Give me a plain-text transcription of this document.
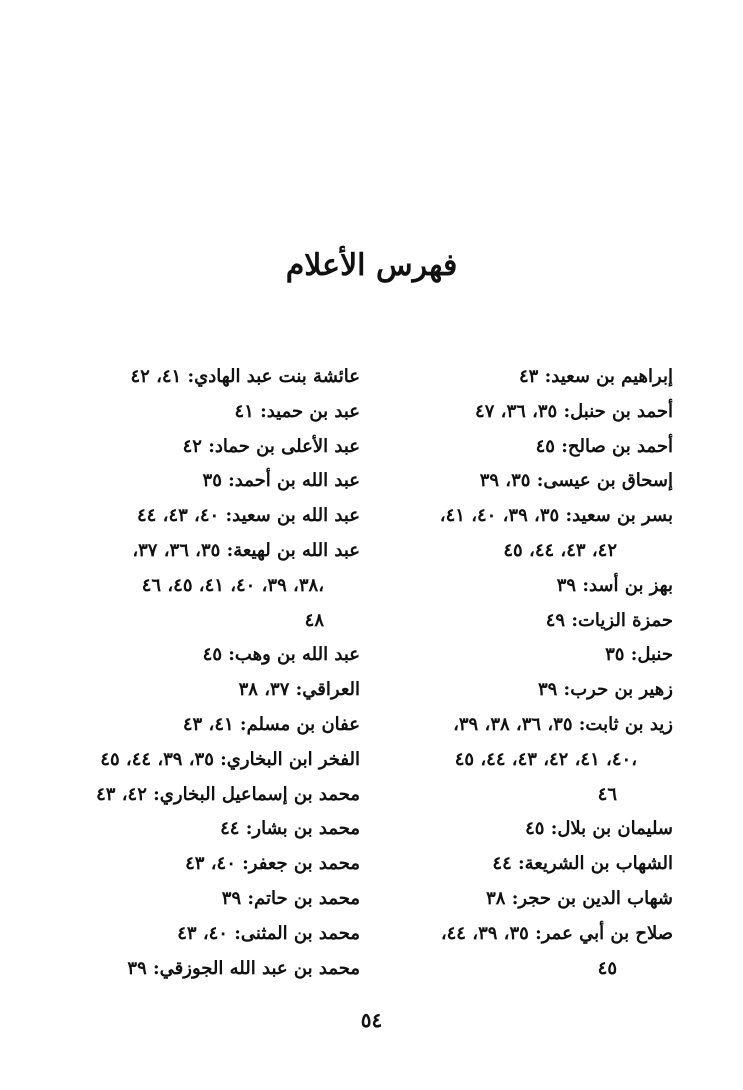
فهرس الأعلام
إبراهيم بن سعيد: ٤٣
أحمد بن حنبل: ٣٥، ٣٦، ٤٧
أحمد بن صالح: ٤٥
إسحاق بن عيسى: ٣٥، ٣٩
بسر بن سعيد: ٣٥، ٣٩، ٤٠، ٤١،
٤٢، ٤٣، ٤٤، ٤٥
بهز بن أسد: ٣٩
حمزة الزيات: ٤٩
حنبل: ٣٥
زهير بن حرب: ٣٩
زيد بن ثابت: ٣٥، ٣٦، ٣٨، ٣٩،
٤٠، ٤١، ٤٢، ٤٣، ٤٤، ٤٥،
٤٦
سليمان بن بلال: ٤٥
الشهاب بن الشريعة: ٤٤
شهاب الدين بن حجر: ٣٨
صلاح بن أبي عمر: ٣٥، ٣٩، ٤٤،
٤٥
عائشة بنت عبد الهادي: ٤١، ٤٢
عبد بن حميد: ٤١
عبد الأعلى بن حماد: ٤٢
عبد الله بن أحمد: ٣٥
عبد الله بن سعيد: ٤٠، ٤٣، ٤٤
عبد الله بن لهيعة: ٣٥، ٣٦، ٣٧،
٣٨، ٣٩، ٤٠، ٤١، ٤٥، ٤٦،
٤٨
عبد الله بن وهب: ٤٥
العراقي: ٣٧، ٣٨
عفان بن مسلم: ٤١، ٤٣
الفخر ابن البخاري: ٣٥، ٣٩، ٤٤، ٤٥
محمد بن إسماعيل البخاري: ٤٢، ٤٣
محمد بن بشار: ٤٤
محمد بن جعفر: ٤٠، ٤٣
محمد بن حاتم: ٣٩
محمد بن المثنى: ٤٠، ٤٣
محمد بن عبد الله الجوزقي: ٣٩
٥٤
